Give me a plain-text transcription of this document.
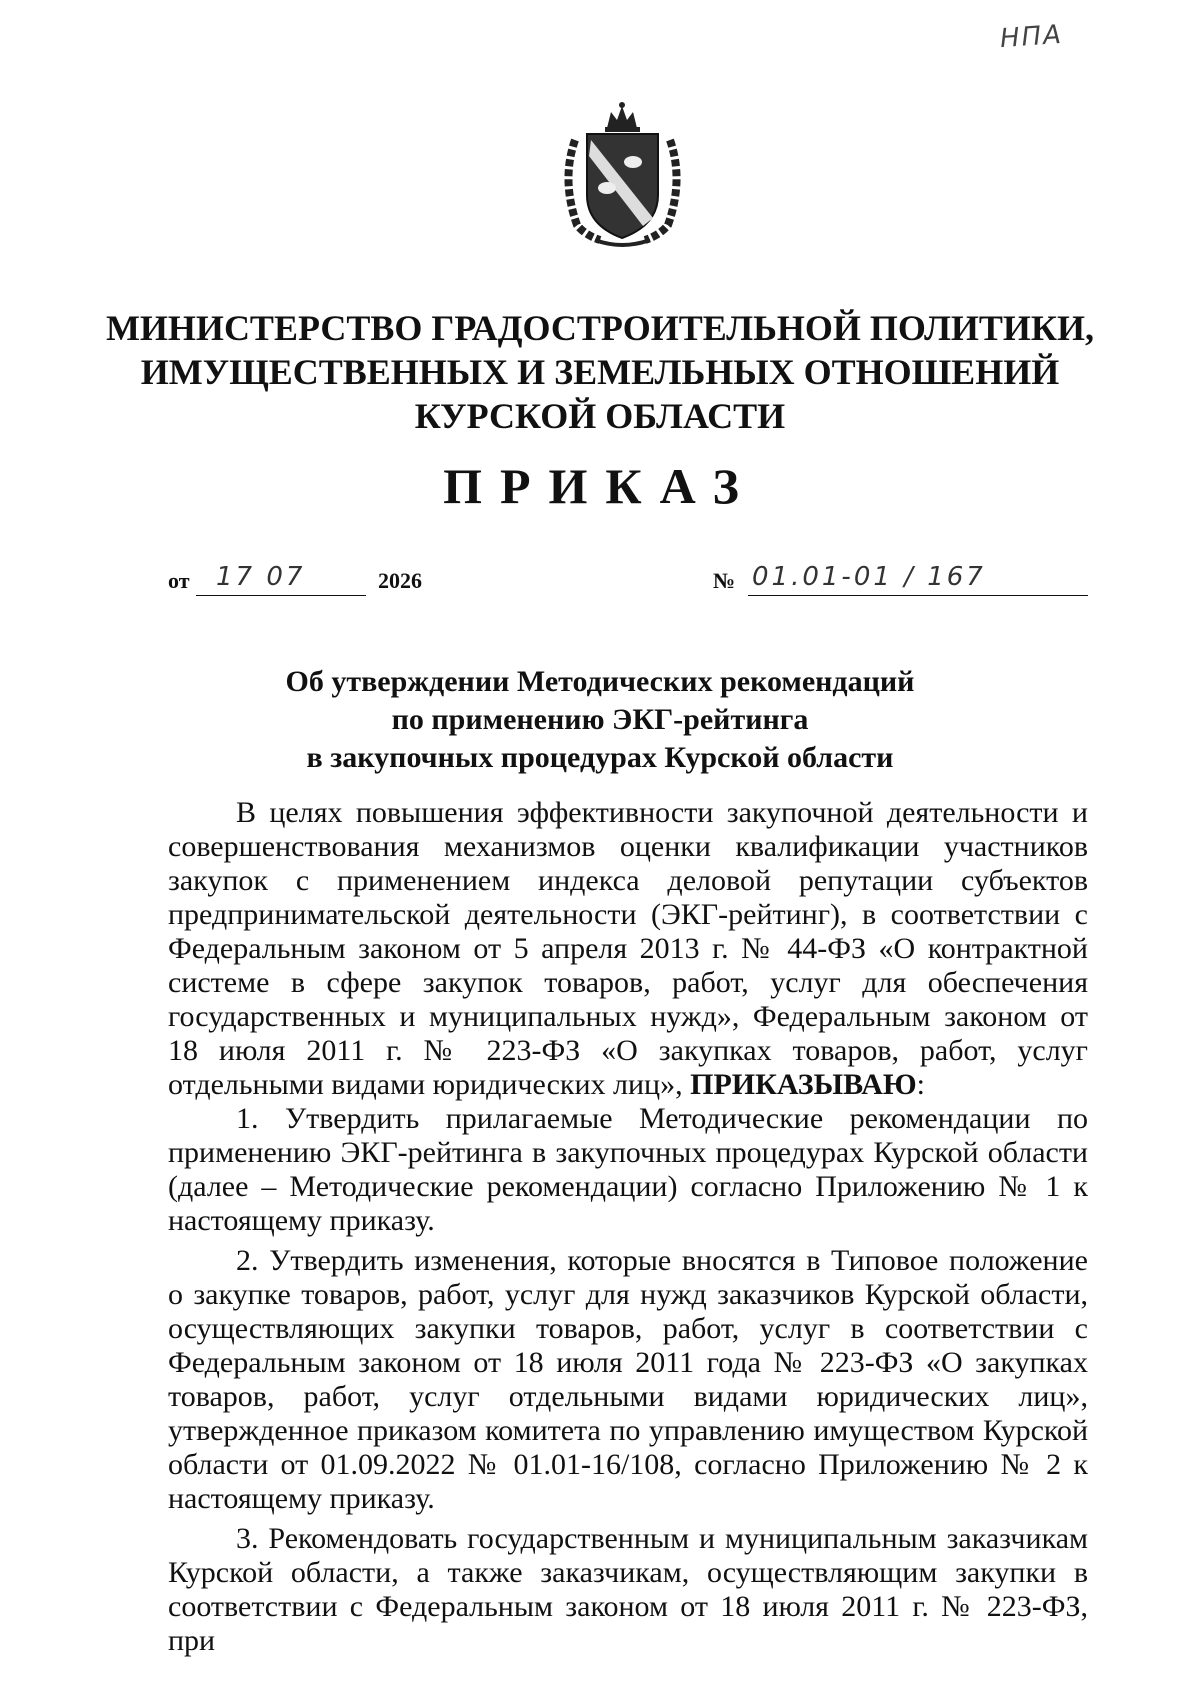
НПА
МИНИСТЕРСТВО ГРАДОСТРОИТЕЛЬНОЙ ПОЛИТИКИ,
ИМУЩЕСТВЕННЫХ И ЗЕМЕЛЬНЫХ ОТНОШЕНИЙ
КУРСКОЙ ОБЛАСТИ
ПРИКАЗ
от 17 07	2026	№ 01.01-01 / 167
Об утверждении Методических рекомендаций
по применению ЭКГ-рейтинга
в закупочных процедурах Курской области

В целях повышения эффективности закупочной деятельности и совершенствования механизмов оценки квалификации участников закупок с применением индекса деловой репутации субъектов предпринимательской деятельности (ЭКГ-рейтинг), в соответствии с Федеральным законом от 5 апреля 2013 г. № 44-ФЗ «О контрактной системе в сфере закупок товаров, работ, услуг для обеспечения государственных и муниципальных нужд», Федеральным законом от 18 июля 2011 г. № 223-ФЗ «О закупках товаров, работ, услуг отдельными видами юридических лиц», ПРИКАЗЫВАЮ:

1. Утвердить прилагаемые Методические рекомендации по применению ЭКГ-рейтинга в закупочных процедурах Курской области (далее – Методические рекомендации) согласно Приложению № 1 к настоящему приказу.

2. Утвердить изменения, которые вносятся в Типовое положение о закупке товаров, работ, услуг для нужд заказчиков Курской области, осуществляющих закупки товаров, работ, услуг в соответствии с Федеральным законом от 18 июля 2011 года № 223-ФЗ «О закупках товаров, работ, услуг отдельными видами юридических лиц», утвержденное приказом комитета по управлению имуществом Курской области от 01.09.2022 № 01.01-16/108, согласно Приложению № 2 к настоящему приказу.

3. Рекомендовать государственным и муниципальным заказчикам Курской области, а также заказчикам, осуществляющим закупки в соответствии с Федеральным законом от 18 июля 2011 г. № 223-ФЗ, при
